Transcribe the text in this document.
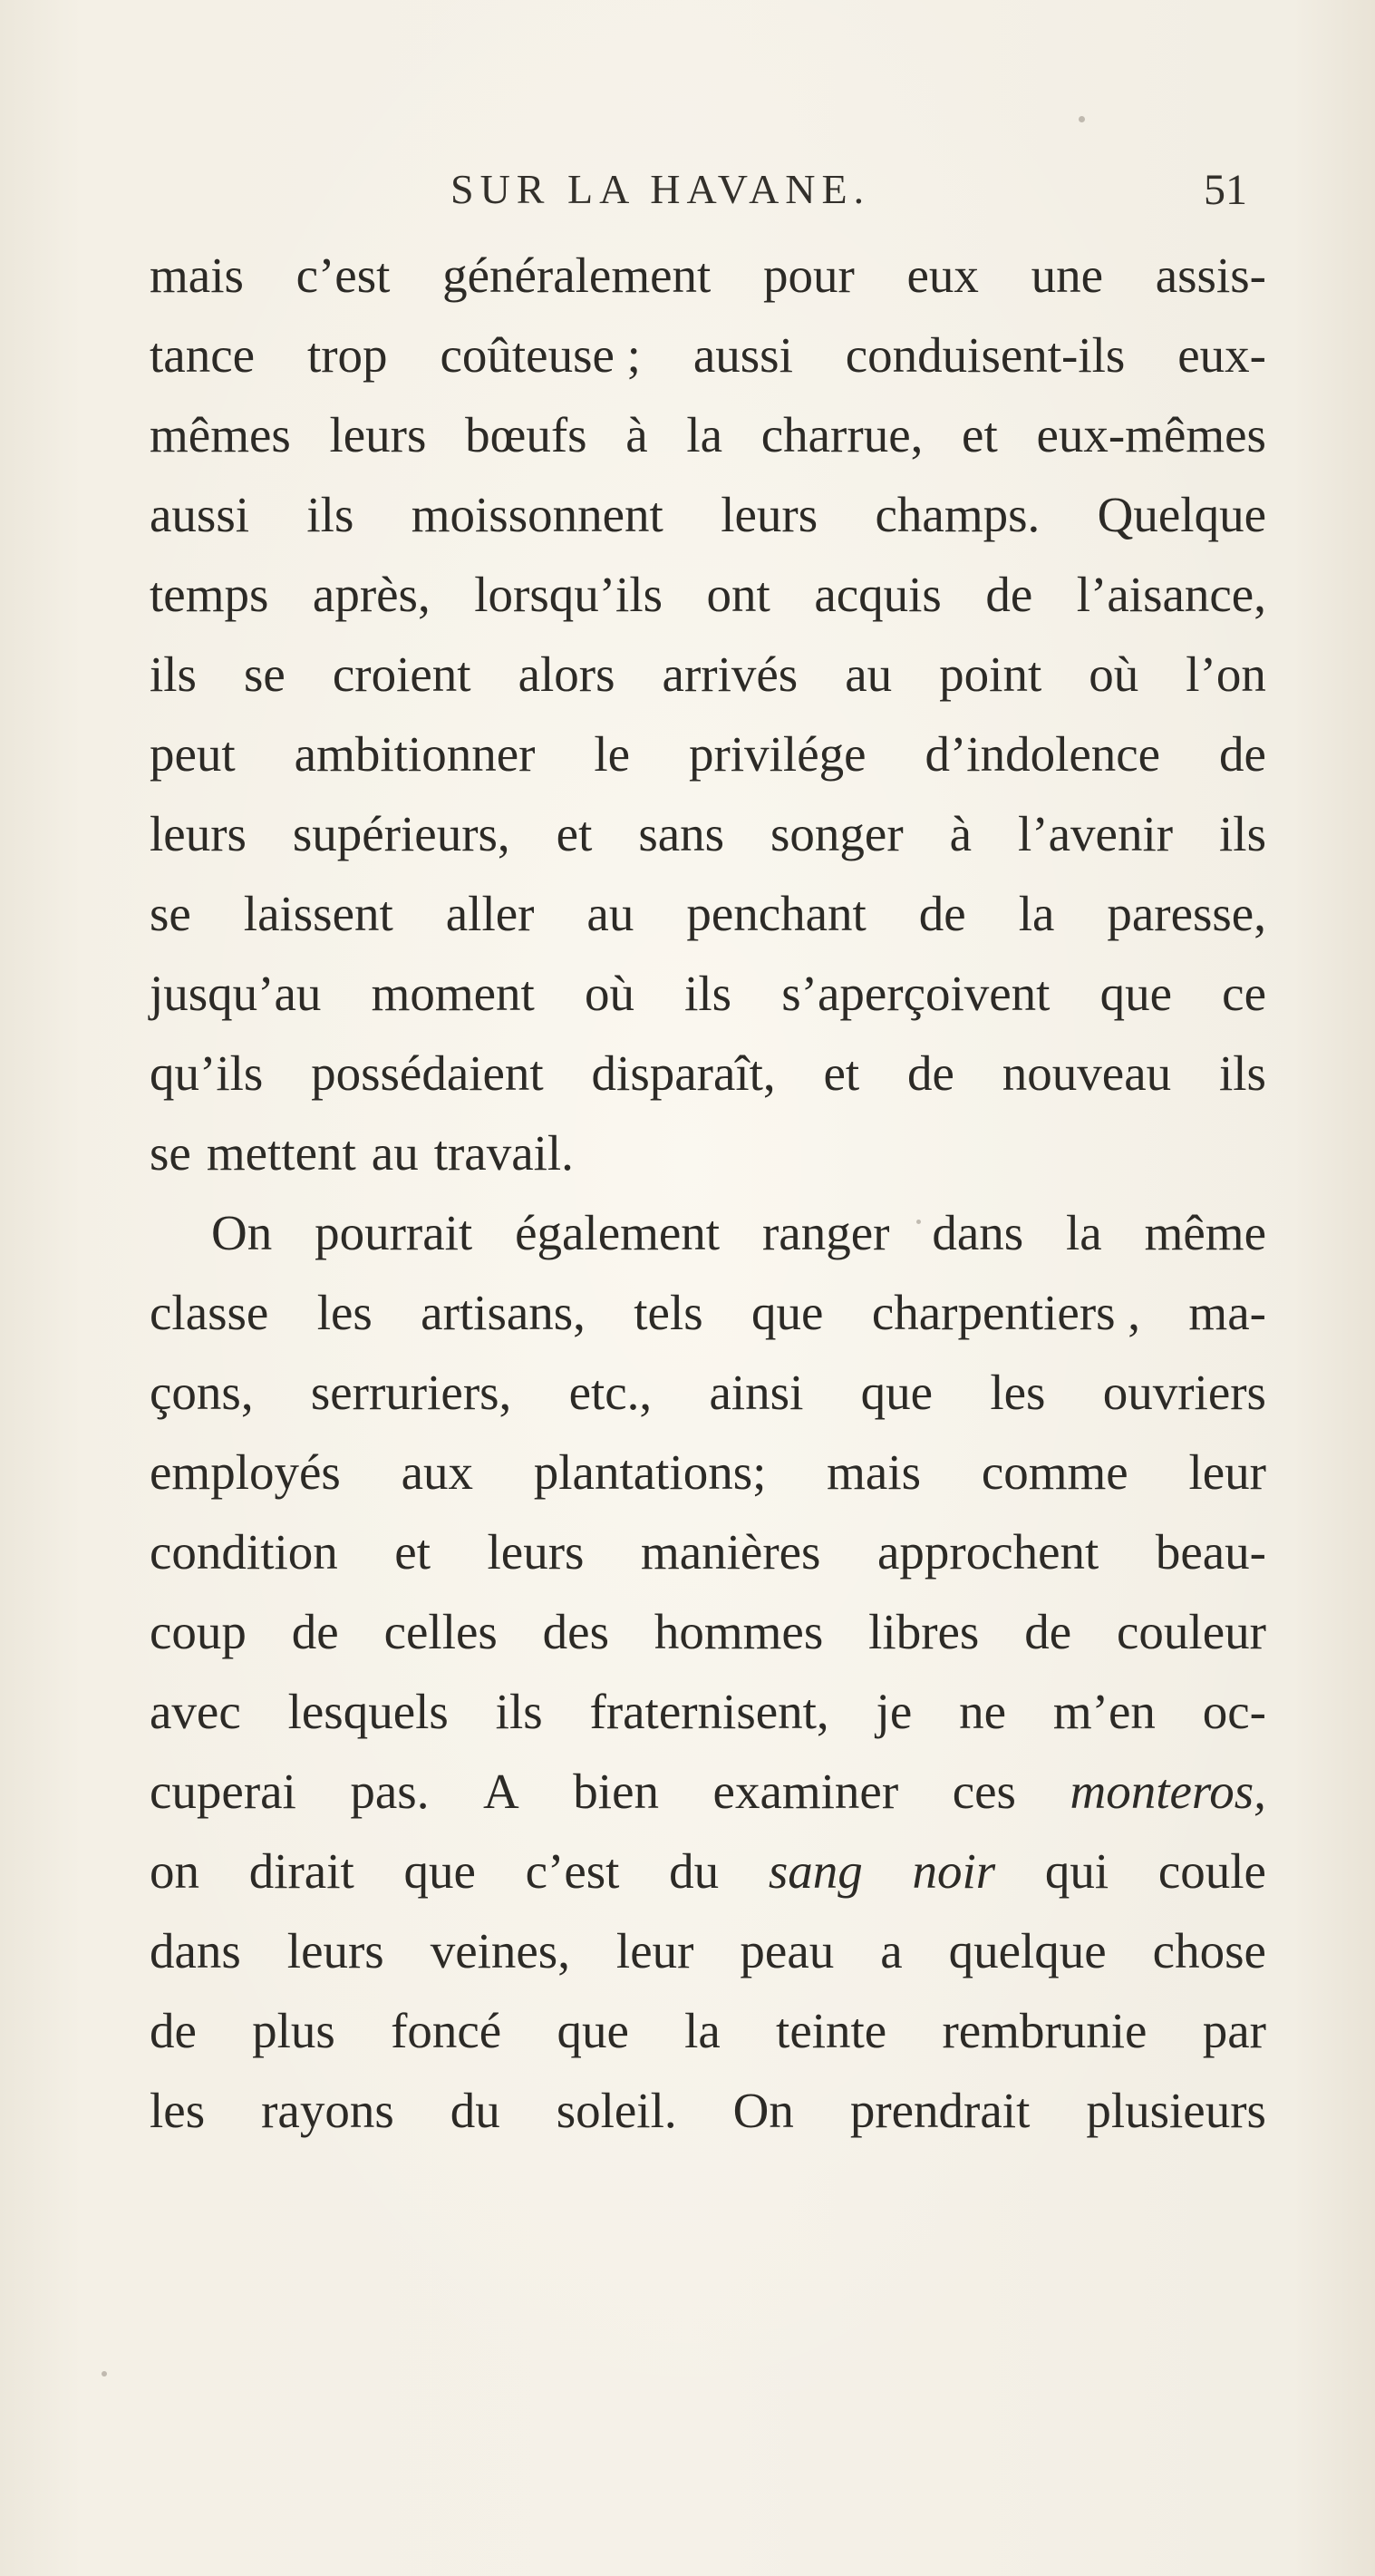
SUR LA HAVANE.	51
mais c’est généralement pour eux une assis-
tance trop coûteuse ; aussi conduisent-ils eux-
mêmes leurs bœufs à la charrue, et eux-mêmes
aussi ils moissonnent leurs champs. Quelque
temps après, lorsqu’ils ont acquis de l’aisance,
ils se croient alors arrivés au point où l’on
peut ambitionner le privilége d’indolence de
leurs supérieurs, et sans songer à l’avenir ils
se laissent aller au penchant de la paresse,
jusqu’au moment où ils s’aperçoivent que ce
qu’ils possédaient disparaît, et de nouveau ils
se mettent au travail.
On pourrait également ranger dans la même
classe les artisans, tels que charpentiers , ma-
çons, serruriers, etc., ainsi que les ouvriers
employés aux plantations; mais comme leur
condition et leurs manières approchent beau-
coup de celles des hommes libres de couleur
avec lesquels ils fraternisent, je ne m’en oc-
cuperai pas. A bien examiner ces monteros,
on dirait que c’est du sang noir qui coule
dans leurs veines, leur peau a quelque chose
de plus foncé que la teinte rembrunie par
les rayons du soleil. On prendrait plusieurs
